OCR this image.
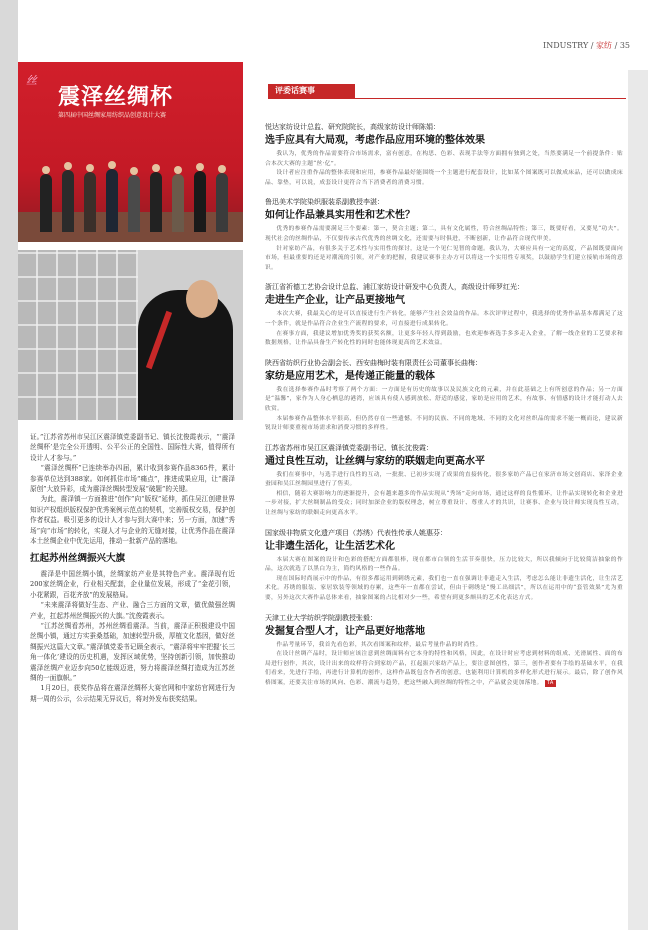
INDUSTRY / 家纺 / 35
丝
震泽丝绸杯
第四届中国丝绸家用纺织品创意设计大赛

证。”江苏省苏州市吴江区震泽镇党委副书记、镇长沈俊霞表示，“‘震泽丝绸杯’是完全公开透明、公平公正的全国性、国际性大赛，值得所有设计人才参与。”

“震泽丝绸杯”已连续举办四届，累计收到参赛作品8365件，累计参赛单位达到388家。如何抓住市场“痛点”，推进成果应用，让“震泽原创”大放异彩，成为震泽丝绸转型发展“破题”的关键。

为此，震泽镇一方面推进“创作”向“版权”延伸，抓住吴江创建世界知识产权组织版权保护优秀案例示范点的契机，完善版权交易，保护创作者权益。吸引更多的设计人才参与到大赛中来；另一方面，加速“秀场”向“市场”的转化，实现人才与企业的无缝对接，让优秀作品在震泽本土丝绸企业中优先运用，推动一批新产品的落地。

扛起苏州丝绸振兴大旗

震泽是中国丝绸小镇，丝绸家纺产业是其特色产业。震泽现有近200家丝绸企业，行业相关配套，企业量位发展，形成了“金花引领，小花紧跟，百花齐放”的发展格局。

“未来震泽将做好生态、产业、融合三方面的文章，做优做强丝绸产业，扛起苏州丝绸振兴的大旗。”沈俊霞表示。

“江苏丝绸看苏州，苏州丝绸看震泽。当前，震泽正积极建设中国丝绸小镇，通过方实蚕桑基础，加速转型升级，厚植文化基因，做好丝绸振兴这篇大文章。”震泽镇党委书记顾全表示，“震泽将牢牢把握‘长三角一体化’建设的历史机遇，发挥区域优势，坚持创新引领，加快推动震泽丝绸产业迈步向50亿能级迈进，努力将震泽丝绸打造成为江苏丝绸的一面旗帜。”

1月20日，获奖作品将在震泽丝绸杯大赛官网和中家纺官网进行为期一周的公示，公示结果无异议后，将对外发布获奖结果。

评委话赛事
悦达家纺设计总监、研究院院长，高级家纺设计师陈娟：
选手应具有大局观，考虑作品应用环境的整体效果

我认为，优秀的作品需要符合市场需求，富有创意，在构思、色彩、表现手法等方面拥有独到之处，当然要满足一个前提条件：贴合本次大赛的主题“丝·亿”。

设计者应注重作品的整体表现和应用，参赛作品最好能围绕一个主题进行配套设计，比如某个图案既可以做成床品，还可以做成床品、靠垫，可以说，成套设计更符合当下消费者的消费习惯。

鲁迅美术学院染织服装系副教授李湛：
如何让作品兼具实用性和艺术性？

优秀的参赛作品需要满足三个要素：第一，契合主题；第二，具有文化属性，符合丝绸品特性；第三，既要好看，又要见“功夫”。现代社会的丝绸作品，不仅要传承古代优秀的丝绸文化，还需要与时俱进，不断创新，让作品符合现代审美。

针对家纺产品，有很多关于艺术性与实用性的探讨，这是一个见仁见智的命题。我认为，大赛应具有一定的高度，产品图既要面向市场，但最重要的还是对潮流的引领，对产业的把握，我建议赛事主办方可以将这一个实用性专项奖，以鼓励学生们建立接轨市场的意识。

浙江省祈德工艺协会设计总监、浦江家纺设计研发中心负责人，高级设计师罗红光：
走进生产企业，让产品更接地气

本次大赛，我最关心的是可以直接进行生产转化，能够产生社会效益的作品。本次评审过程中，我选择的优秀作品基本都满足了这一个条件，就是作品符合企业生产流程的要求，可直接进行成果转化。

在赛事方面，我建议增加优秀奖的获奖名额，让更多年轻人得到鼓励，也欢迎参赛选手多多走入企业，了解一线企业的工艺要求和数据规格，让作品具备生产转化性的同时也能体现更高的艺术效益。

陕西省纺织行业协会副会长、西安曲梅时装有限责任公司董事长曲梅：
家纺是应用艺术，是传递正能量的载体

我在选择参赛作品时考察了两个方面：一方面是有历史的故事以及民族文化的元素，并在此基础之上有所创意的作品；另一方面是“温馨”，家作为人身心栖息的港湾，应该具有使人感到放松、舒适的感觉，家纺是应用的艺术，有故事、有情感的设计才能打动人去欣赏。

本届参赛作品整体水平很高，但仍然存在一些遗憾。不同的民族、不同的地域、不同的文化对丝织品的需求不能一概而论，建议新锐设计师要重视市场需求和消费习惯的多样性。

江苏省苏州市吴江区震泽镇党委副书记、镇长沈俊霞：
通过良性互动，让丝绸与家纺的联姻走向更高水平

我们在赛事中，与选手进行良性的互动，一批批、已初步实现了成果的直接转化，很多家纺产品已在家济市场文创商店、家泽企业蚕园和吴江丝绸园里进行了售卖。

相信，随着大赛影响力的逐渐提升，会有越来越多的作品实现从“秀场”走向市场，通过这样的良性循环，让作品实现转化和企业进一步对接，扩大丝绸制品的受众；同时加深企业的版权理念，树立尊重设计、尊重人才的共识，让赛事、企业与设计师实现良性互动，让丝绸与家纺的联姻走向更高水平。

国家级非物质文化遗产项目（苏绣）代表性传承人姚惠芬：
让非遗生活化，让生活艺术化

本届大赛在图案的设计和色彩的搭配方面都很棒，现在都市白领的生活节奏很快，压力比较大，所以我倾向于比较简洁抽象的作品，这次就选了以黑白为主，简约风格的一些作品。

现在国际时尚展示中的作品，有很多都运用到刺绣元素，我们也一直在强调让非遗走入生活，考虑怎么能让非遗生活化，让生活艺术化。苏绣的服装、家居软装等领域的存累，这些年一直都在尝试，但由于刺绣是“慢工出细活”，所以在运用中的“套管效果”尤为重要，另外这次大赛作品总体来看，抽象图案的占比相对少一些，希望有到更多颇具的艺术化表达方式。

天津工业大学纺织学院副教授张毅：
发掘复合型人才，让产品更好地落地

作品考量环节，我首先看色彩，其次看图案和纹样，最后考量作品的时尚性。

在设计丝绸产品时，设计师应该注意到丝绸面料有它本身的特性和风格，因此，在设计时应考虑到材料的组成、光滑属性、面的布局进行创作，其次，设计出来的纹样符合到家纺产品，扛起振兴家纺产品上，要注意图创性，第三，创作者要有手绘的基础水平，在我们看来，先进行手绘，再进行计算机的创作，这样作品既包含作者的创意，也能利用计算机的多样化形式进行展示。最后，除了创作风格图案，还要关注市场的风向、色彩、潮流与趋势，把这些融入到丝绸的特性之中，产品就会更加落地。 TA
